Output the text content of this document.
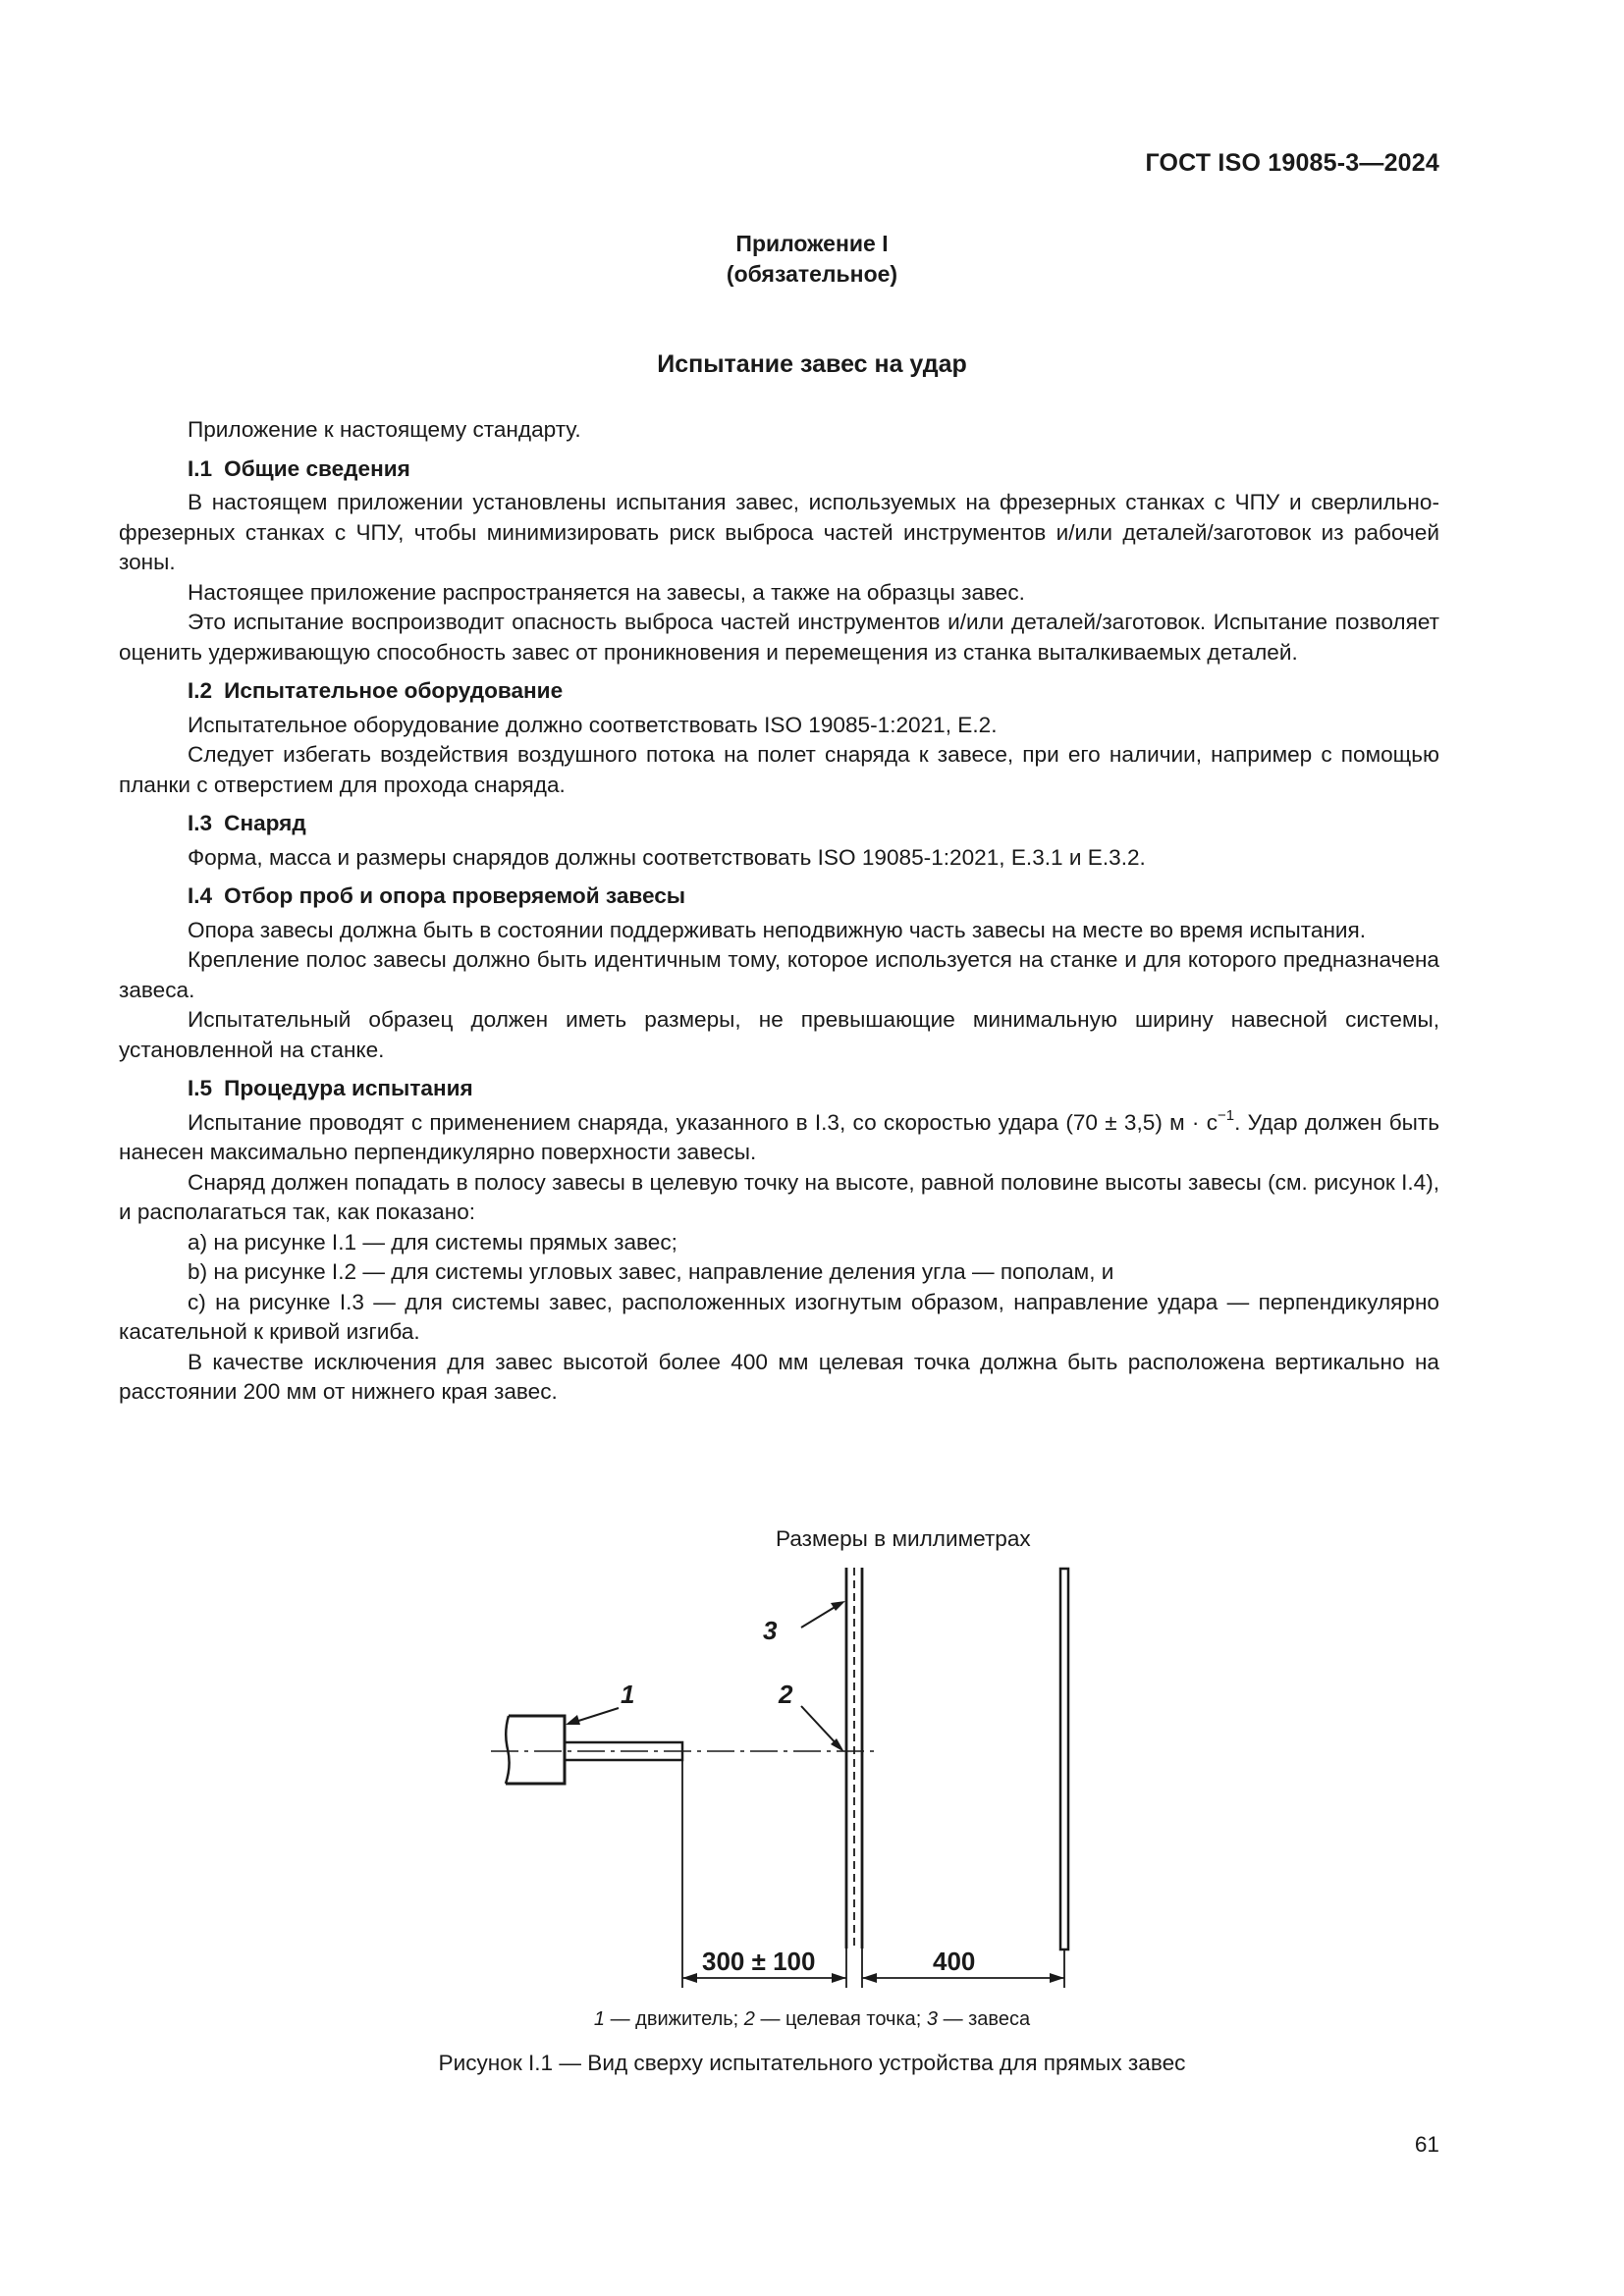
ГОСТ ISO 19085-3—2024
Приложение I
(обязательное)
Испытание завес на удар

Приложение к настоящему стандарту.

I.1 Общие сведения

В настоящем приложении установлены испытания завес, используемых на фрезерных станках с ЧПУ и сверлильно-фрезерных станках с ЧПУ, чтобы минимизировать риск выброса частей инструментов и/или деталей/заготовок из рабочей зоны.

Настоящее приложение распространяется на завесы, а также на образцы завес.

Это испытание воспроизводит опасность выброса частей инструментов и/или деталей/заготовок. Испытание позволяет оценить удерживающую способность завес от проникновения и перемещения из станка выталкиваемых деталей.

I.2 Испытательное оборудование

Испытательное оборудование должно соответствовать ISO 19085-1:2021, Е.2.

Следует избегать воздействия воздушного потока на полет снаряда к завесе, при его наличии, например с помощью планки с отверстием для прохода снаряда.

I.3 Снаряд

Форма, масса и размеры снарядов должны соответствовать ISO 19085-1:2021, Е.3.1 и Е.3.2.

I.4 Отбор проб и опора проверяемой завесы

Опора завесы должна быть в состоянии поддерживать неподвижную часть завесы на месте во время испытания.

Крепление полос завесы должно быть идентичным тому, которое используется на станке и для которого предназначена завеса.

Испытательный образец должен иметь размеры, не превышающие минимальную ширину навесной системы, установленной на станке.

I.5 Процедура испытания

Испытание проводят с применением снаряда, указанного в I.3, со скоростью удара (70 ± 3,5) $м \cdot с^{-1}$. Удар должен быть нанесен максимально перпендикулярно поверхности завесы.

Снаряд должен попадать в полосу завесы в целевую точку на высоте, равной половине высоты завесы (см. рисунок I.4), и располагаться так, как показано:

a) на рисунке I.1 — для системы прямых завес;

b) на рисунке I.2 — для системы угловых завес, направление деления угла — пополам, и

c) на рисунке I.3 — для системы завес, расположенных изогнутым образом, направление удара — перпендикулярно касательной к кривой изгиба.

В качестве исключения для завес высотой более 400 мм целевая точка должна быть расположена вертикально на расстоянии 200 мм от нижнего края завес.

Размеры в миллиметрах
1	2
3
300 ± 100	400
1 — движитель; 2 — целевая точка; 3 — завеса
Рисунок I.1 — Вид сверху испытательного устройства для прямых завес
61
